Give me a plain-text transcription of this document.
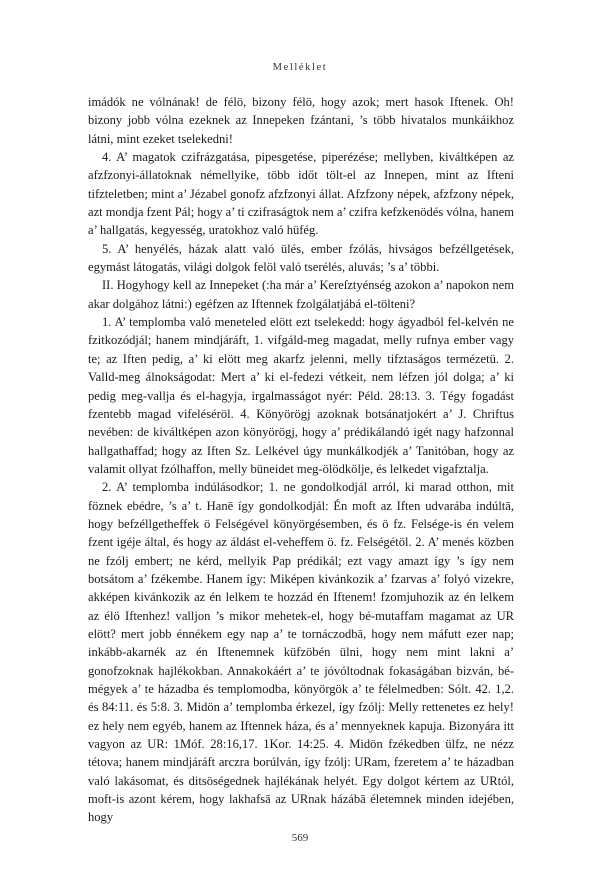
Melléklet

imádók ne vólnának! de félö, bizony félö, hogy azok; mert hasok Iftenek. Oh! bizony jobb vólna ezeknek az Innepeken fzántani, ’s több hivatalos munkáikhoz látni, mint ezeket tselekedni!

4. A’ magatok czifrázgatása, pipesgetése, piperézése; mellyben, kiváltképen az afzfzonyi-állatoknak némellyike, több időt tölt-el az Innepen, mint az Ifteni tifzteletben; mint a’ Jézabel gonofz afzfzonyi állat. Afzfzony népek, afzfzony népek, azt mondja fzent Pál; hogy a’ ti czifraságtok nem a’ czifra kefzkenödés vólna, hanem a’ hallgatás, kegyesség, uratokhoz való hüfég.

5. A’ henyélés, házak alatt való ülés, ember fzólás, hivságos befzéllgetések, egymást látogatás, világi dolgok felöl való tserélés, aluvás; ’s a’ többi.

II. Hogyhogy kell az Innepeket (:ha már a’ Kereſztyénség azokon a’ napokon nem akar dolgához látni:) egéfzen az Iftennek fzolgálatjábá el-tölteni?

1. A’ templomba való meneteled elött ezt tselekedd: hogy ágyadból fel-kelvén ne fzitkozódjál; hanem mindjáráft, 1. vifgáld-meg magadat, melly rufnya ember vagy te; az Iften pedig, a’ ki elött meg akarfz jelenni, melly tifztaságos termézetü. 2. Valld-meg álnokságodat: Mert a’ ki el-fedezi vétkeit, nem léfzen jól dolga; a’ ki pedig meg-vallja és el-hagyja, irgalmasságot nyér: Péld. 28:13. 3. Tégy fogadást fzentebb magad vifeléséröl. 4. Könyörögj azoknak botsánatjokért a’ J. Chriftus nevében: de kiváltképen azon könyörögj, hogy a’ prédikálandó igét nagy hafzonnal hallgathaffad; hogy az Iften Sz. Lelkével úgy munkálkodjék a’ Tanitóban, hogy az valamit ollyat fzólhaffon, melly büneidet meg-ölödkölje, és lelkedet vigafztalja.

2. A’ templomba indúlásodkor; 1. ne gondolkodjál arról, ki marad otthon, mit föznek ebédre, ’s a’ t. Hanē így gondolkodjál: Én moft az Iften udvarába indúltā, hogy befzéllgetheffek ö Felségével könyörgésemben, és ö fz. Felsége-is én velem fzent igéje által, és hogy az áldást el-veheffem ö. fz. Felségétöl. 2. A’ menés közben ne fzólj embert; ne kérd, mellyik Pap prédikál; ezt vagy amazt így ’s így nem botsátom a’ fzékembe. Hanem így: Miképen kivánkozik a’ fzarvas a’ folyó vizekre, akképen kivánkozik az én lelkem te hozzád én Iftenem! fzomjuhozik az én lelkem az élö Iftenhez! valljon ’s mikor mehetek-el, hogy bé-mutaffam magamat az UR elött? mert jobb énnékem egy nap a’ te tornáczodbā, hogy nem máfutt ezer nap; inkább-akarnék az én Iftenemnek küfzöbén ülni, hogy nem mint lakni a’ gonofzoknak hajlékokban. Annakokáért a’ te jóvóltodnak fokaságában bizván, bé-mégyek a’ te házadba és templomodba, könyörgök a’ te félelmedben: Sólt. 42. 1,2. és 84:11. és 5:8. 3. Midön a’ templomba érkezel, így fzólj: Melly rettenetes ez hely! ez hely nem egyéb, hanem az Iftennek háza, és a’ mennyeknek kapuja. Bizonyára itt vagyon az UR: 1Móf. 28:16,17. 1Kor. 14:25. 4. Midön fzékedben ülfz, ne nézz tétova; hanem mindjáráft arczra borúlván, így fzólj: URam, fzeretem a’ te házadban való lakásomat, és ditsöségednek hajlékának helyét. Egy dolgot kértem az URtól, moft-is azont kérem, hogy lakhafsā az URnak házábā életemnek minden idejében, hogy

569
